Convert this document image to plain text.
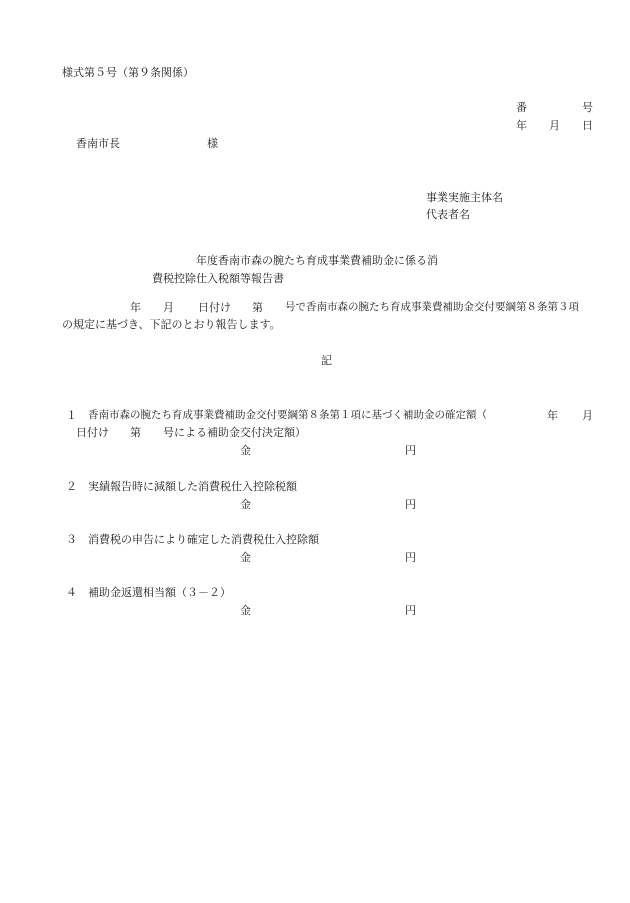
様式第５号（第９条関係）
番	号
年 月 日
香南市長	様
事業実施主体名
代表者名
年度香南市森の腕たち育成事業費補助金に係る消
費税控除仕入税額等報告書
年 月 日付け 第 号で香南市森の腕たち育成事業費補助金交付要綱第８条第３項
の規定に基づき、下記のとおり報告します。
記
１ 香南市森の腕たち育成事業費補助金交付要綱第８条第１項に基づく補助金の確定額（	年 月
日付け 第 号による補助金交付決定額）
金	円
２ 実績報告時に減額した消費税仕入控除税額
金	円
３ 消費税の申告により確定した消費税仕入控除額
金	円
４ 補助金返還相当額（３－２）
金	円
